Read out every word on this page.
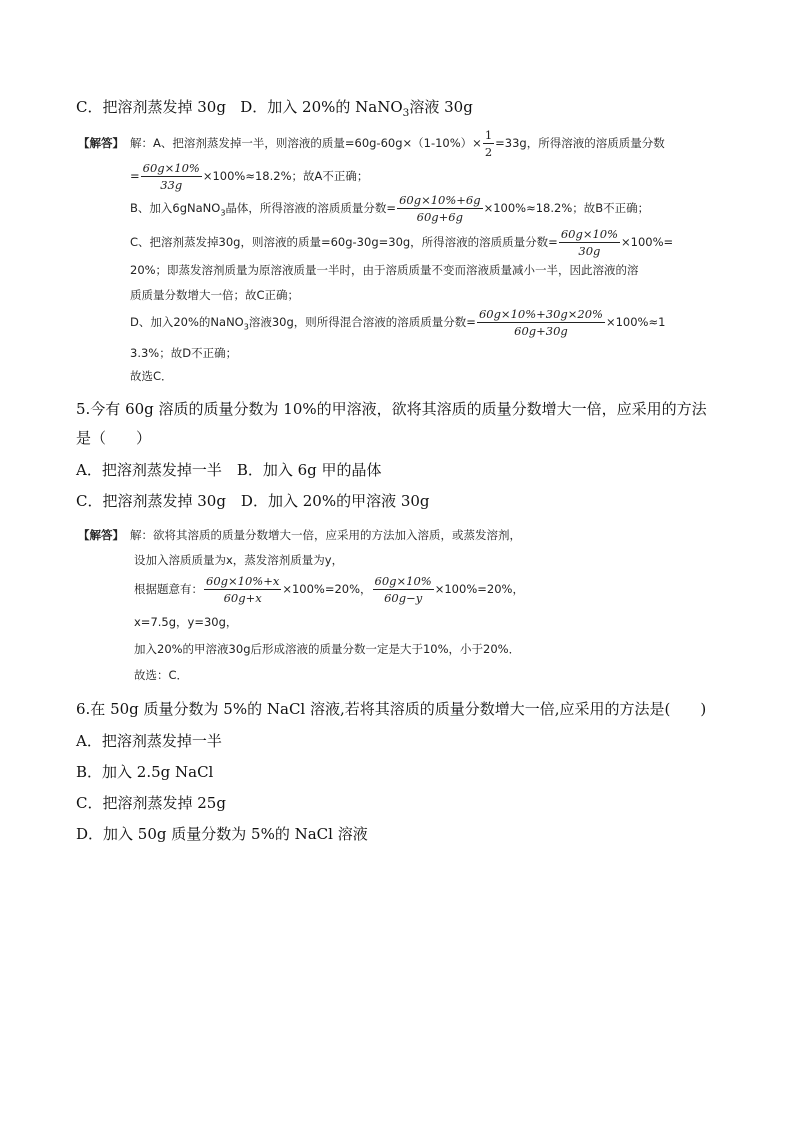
C．把溶剂蒸发掉 30g D．加入 20%的 NaNO$_3$溶液 30g
【解答】 解：A、把溶剂蒸发掉一半，则溶液的质量$=60g-60g\times(1-10\%)\times \frac{1}{2} =33g$，所得溶液的溶质质量分数
= $\frac{60g\times 10\%}{33g} \times 100\%\approx 18.2\%$；故A不正确；
B、加入6gNaNO$_3$晶体，所得溶液的溶质质量分数= $\frac{60g\times 10\%+6g}{60g+6g} \times 100\%\approx 18.2\%$；故B不正确；
C、把溶剂蒸发掉30g，则溶液的质量=60g-30g=30g，所得溶液的溶质质量分数= $\frac{60g\times 10\%}{30g} \times 100\%=$
20%；即蒸发溶剂质量为原溶液质量一半时，由于溶质质量不变而溶液质量减小一半，因此溶液的溶
质质量分数增大一倍；故C正确；
D、加入20%的NaNO$_3$溶液30g，则所得混合溶液的溶质质量分数= $\frac{60g\times 10\%+30g\times 20\%}{60g+30g} \times 100\%\approx 1$
3.3%；故D不正确；
故选C．
5.今有 60g 溶质的质量分数为 10%的甲溶液，欲将其溶质的质量分数增大一倍，应采用的方法
是（　　）
A．把溶剂蒸发掉一半　B．加入 6g 甲的晶体
C．把溶剂蒸发掉 30g　D．加入 20%的甲溶液 30g
【解答】 解：欲将其溶质的质量分数增大一倍，应采用的方法加入溶质，或蒸发溶剂，
设加入溶质质量为x，蒸发溶剂质量为y，
根据题意有： $\frac{60g\times 10\%+x}{60g+x} \times 100\%=20\%$， $\frac{60g\times 10\%}{60g-y} \times 100\%=20\%$，
x=7.5g，y=30g，
加入20%的甲溶液30g后形成溶液的质量分数一定是大于10%，小于20%．
故选：C．
6.在 50g 质量分数为 5%的 NaCl 溶液,若将其溶质的质量分数增大一倍,应采用的方法是(　　)
A．把溶剂蒸发掉一半
B．加入 2.5g NaCl
C．把溶剂蒸发掉 25g
D．加入 50g 质量分数为 5%的 NaCl 溶液
